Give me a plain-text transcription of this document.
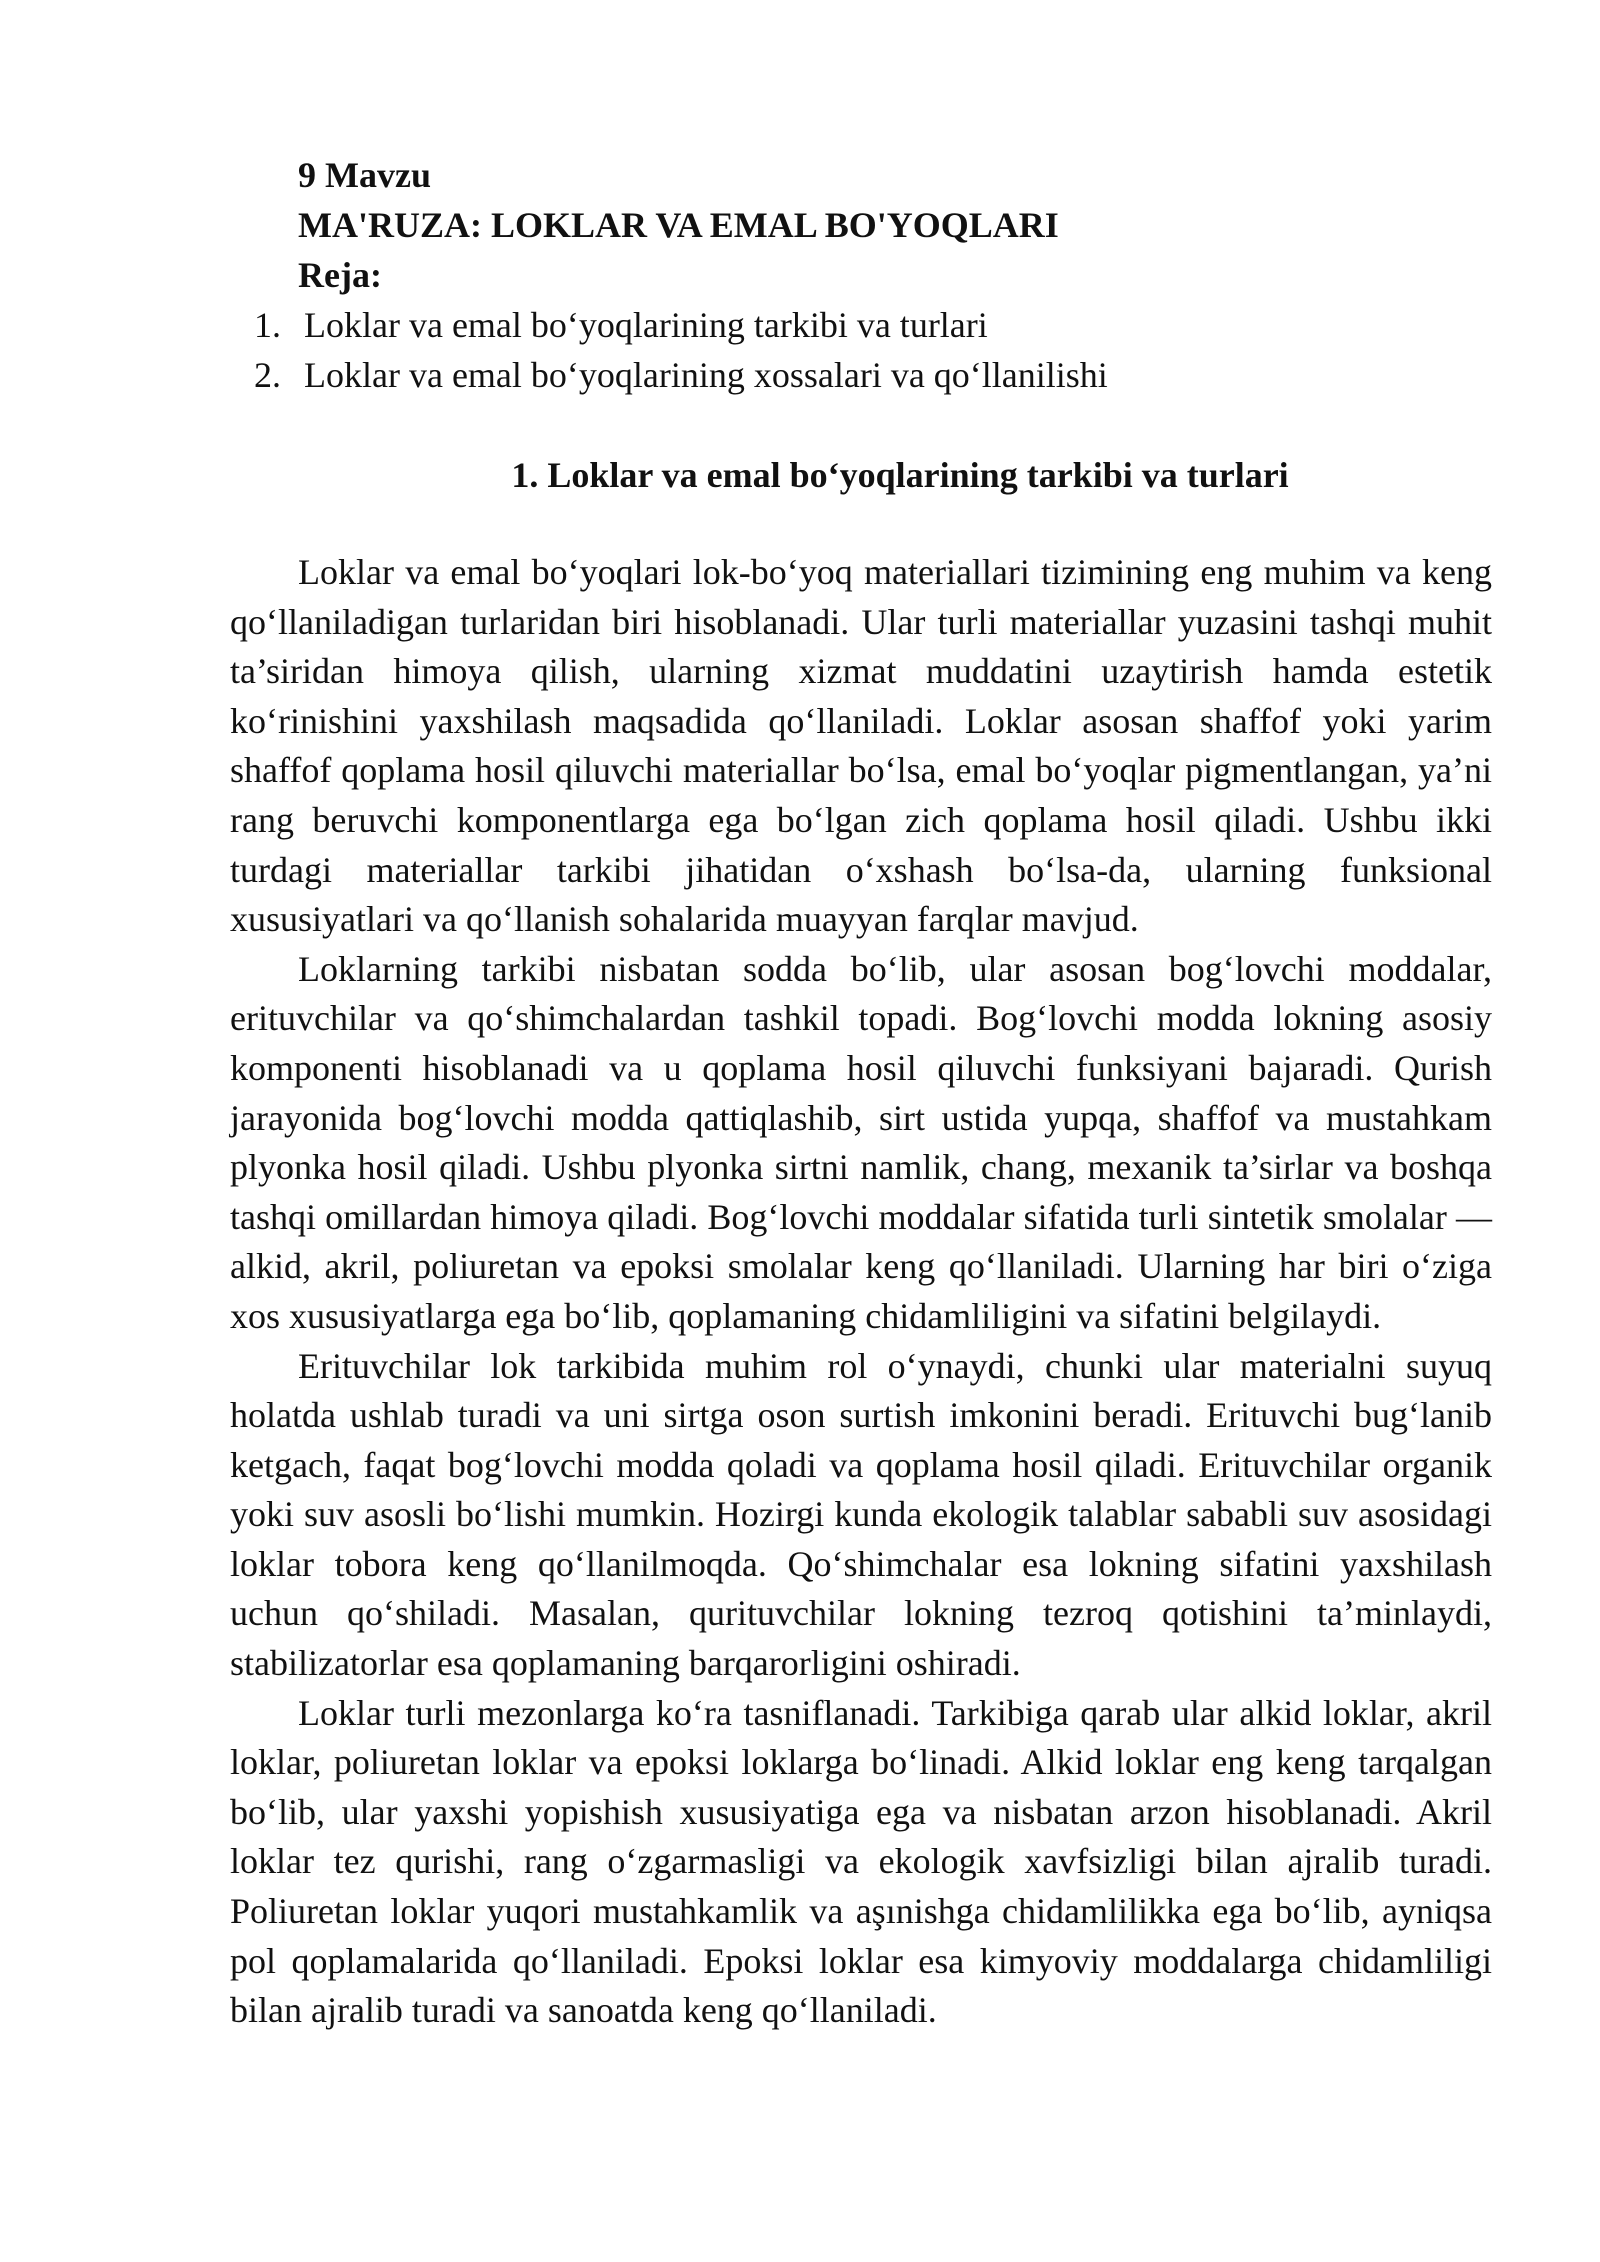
9 Mavzu
MA'RUZA: LOKLAR VA EMAL BO'YOQLARI
Reja:
1. Loklar va emal bo‘yoqlarining tarkibi va turlari
2. Loklar va emal bo‘yoqlarining xossalari va qo‘llanilishi
1. Loklar va emal bo‘yoqlarining tarkibi va turlari

Loklar va emal bo‘yoqlari lok-bo‘yoq materiallari tizimining eng muhim va keng qo‘llaniladigan turlaridan biri hisoblanadi. Ular turli materiallar yuzasini tashqi muhit ta’siridan himoya qilish, ularning xizmat muddatini uzaytirish hamda estetik ko‘rinishini yaxshilash maqsadida qo‘llaniladi. Loklar asosan shaffof yoki yarim shaffof qoplama hosil qiluvchi materiallar bo‘lsa, emal bo‘yoqlar pigmentlangan, ya’ni rang beruvchi komponentlarga ega bo‘lgan zich qoplama hosil qiladi. Ushbu ikki turdagi materiallar tarkibi jihatidan o‘xshash bo‘lsa-da, ularning funksional xususiyatlari va qo‘llanish sohalarida muayyan farqlar mavjud.

Loklarning tarkibi nisbatan sodda bo‘lib, ular asosan bog‘lovchi moddalar, erituvchilar va qo‘shimchalardan tashkil topadi. Bog‘lovchi modda lokning asosiy komponenti hisoblanadi va u qoplama hosil qiluvchi funksiyani bajaradi. Qurish jarayonida bog‘lovchi modda qattiqlashib, sirt ustida yupqa, shaffof va mustahkam plyonka hosil qiladi. Ushbu plyonka sirtni namlik, chang, mexanik ta’sirlar va boshqa tashqi omillardan himoya qiladi. Bog‘lovchi moddalar sifatida turli sintetik smolalar — alkid, akril, poliuretan va epoksi smolalar keng qo‘llaniladi. Ularning har biri o‘ziga xos xususiyatlarga ega bo‘lib, qoplamaning chidamliligini va sifatini belgilaydi.

Erituvchilar lok tarkibida muhim rol o‘ynaydi, chunki ular materialni suyuq holatda ushlab turadi va uni sirtga oson surtish imkonini beradi. Erituvchi bug‘lanib ketgach, faqat bog‘lovchi modda qoladi va qoplama hosil qiladi. Erituvchilar organik yoki suv asosli bo‘lishi mumkin. Hozirgi kunda ekologik talablar sababli suv asosidagi loklar tobora keng qo‘llanilmoqda. Qo‘shimchalar esa lokning sifatini yaxshilash uchun qo‘shiladi. Masalan, qurituvchilar lokning tezroq qotishini ta’minlaydi, stabilizatorlar esa qoplamaning barqarorligini oshiradi.

Loklar turli mezonlarga ko‘ra tasniflanadi. Tarkibiga qarab ular alkid loklar, akril loklar, poliuretan loklar va epoksi loklarga bo‘linadi. Alkid loklar eng keng tarqalgan bo‘lib, ular yaxshi yopishish xususiyatiga ega va nisbatan arzon hisoblanadi. Akril loklar tez qurishi, rang o‘zgarmasligi va ekologik xavfsizligi bilan ajralib turadi. Poliuretan loklar yuqori mustahkamlik va aşınishga chidamlilikka ega bo‘lib, ayniqsa pol qoplamalarida qo‘llaniladi. Epoksi loklar esa kimyoviy moddalarga chidamliligi bilan ajralib turadi va sanoatda keng qo‘llaniladi.
